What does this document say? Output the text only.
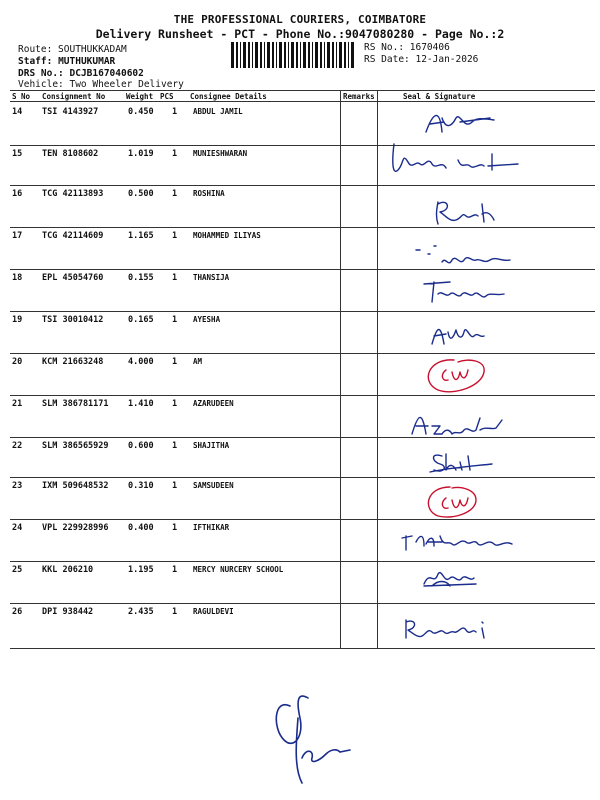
THE PROFESSIONAL COURIERS, COIMBATORE
Delivery Runsheet - PCT - Phone No.:9047080280 - Page No.:2
Route: SOUTHUKKADAM
Staff: MUTHUKUMAR
DRS No.: DCJB167040602
Vehicle: Two Wheeler Delivery
RS No.: 1670406
RS Date: 12-Jan-2026
S No Consignment No	Weight PCS Consignee Details	Remarks	Seal & Signature
14 TSI 4143927	0.450 1 ABDUL JAMIL
15 TEN 8108602	1.019 1 MUNIESHWARAN
16 TCG 42113893	0.500 1 ROSHINA
17 TCG 42114609	1.165 1 MOHAMMED ILIYAS
18 EPL 45054760	0.155 1 THANSIJA
19 TSI 30010412	0.165 1 AYESHA
20 KCM 21663248	4.000 1 AM
21 SLM 386781171 1.410 1 AZARUDEEN
22 SLM 386565929 0.600 1 SHAJITHA
23 IXM 509648532 0.310 1 SAMSUDEEN
24 VPL 229928996 0.400 1 IFTHIKAR
25 KKL 206210	1.195 1 MERCY NURCERY SCHOOL
26 DPI 938442	2.435 1 RAGULDEVI
